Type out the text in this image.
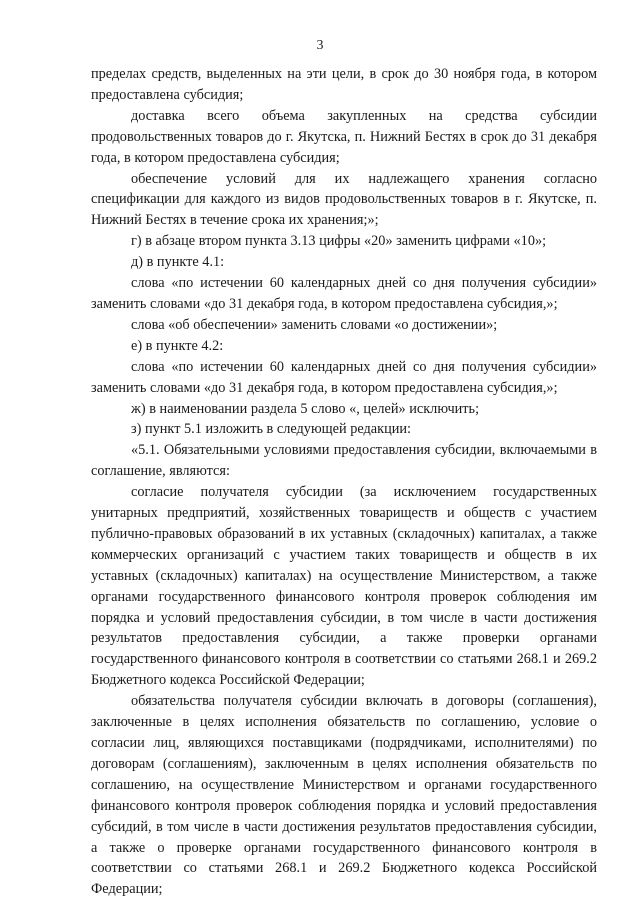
3

пределах средств, выделенных на эти цели, в срок до 30 ноября года, в котором предоставлена субсидия;

доставка всего объема закупленных на средства субсидии продовольственных товаров до г. Якутска, п. Нижний Бестях в срок до 31 декабря года, в котором предоставлена субсидия;

обеспечение условий для их надлежащего хранения согласно спецификации для каждого из видов продовольственных товаров в г. Якутске, п. Нижний Бестях в течение срока их хранения;»;

г) в абзаце втором пункта 3.13 цифры «20» заменить цифрами «10»;

д) в пункте 4.1:

слова «по истечении 60 календарных дней со дня получения субсидии» заменить словами «до 31 декабря года, в котором предоставлена субсидия,»;

слова «об обеспечении» заменить словами «о достижении»;

е) в пункте 4.2:

слова «по истечении 60 календарных дней со дня получения субсидии» заменить словами «до 31 декабря года, в котором предоставлена субсидия,»;

ж) в наименовании раздела 5 слово «, целей» исключить;

з) пункт 5.1 изложить в следующей редакции:

«5.1. Обязательными условиями предоставления субсидии, включаемыми в соглашение, являются:

согласие получателя субсидии (за исключением государственных унитарных предприятий, хозяйственных товариществ и обществ с участием публично-правовых образований в их уставных (складочных) капиталах, а также коммерческих организаций с участием таких товариществ и обществ в их уставных (складочных) капиталах) на осуществление Министерством, а также органами государственного финансового контроля проверок соблюдения им порядка и условий предоставления субсидии, в том числе в части достижения результатов предоставления субсидии, а также проверки органами государственного финансового контроля в соответствии со статьями 268.1 и 269.2 Бюджетного кодекса Российской Федерации;

обязательства получателя субсидии включать в договоры (соглашения), заключенные в целях исполнения обязательств по соглашению, условие о согласии лиц, являющихся поставщиками (подрядчиками, исполнителями) по договорам (соглашениям), заключенным в целях исполнения обязательств по соглашению, на осуществление Министерством и органами государственного финансового контроля проверок соблюдения порядка и условий предоставления субсидий, в том числе в части достижения результатов предоставления субсидии, а также о проверке органами государственного финансового контроля в соответствии со статьями 268.1 и 269.2 Бюджетного кодекса Российской Федерации;
